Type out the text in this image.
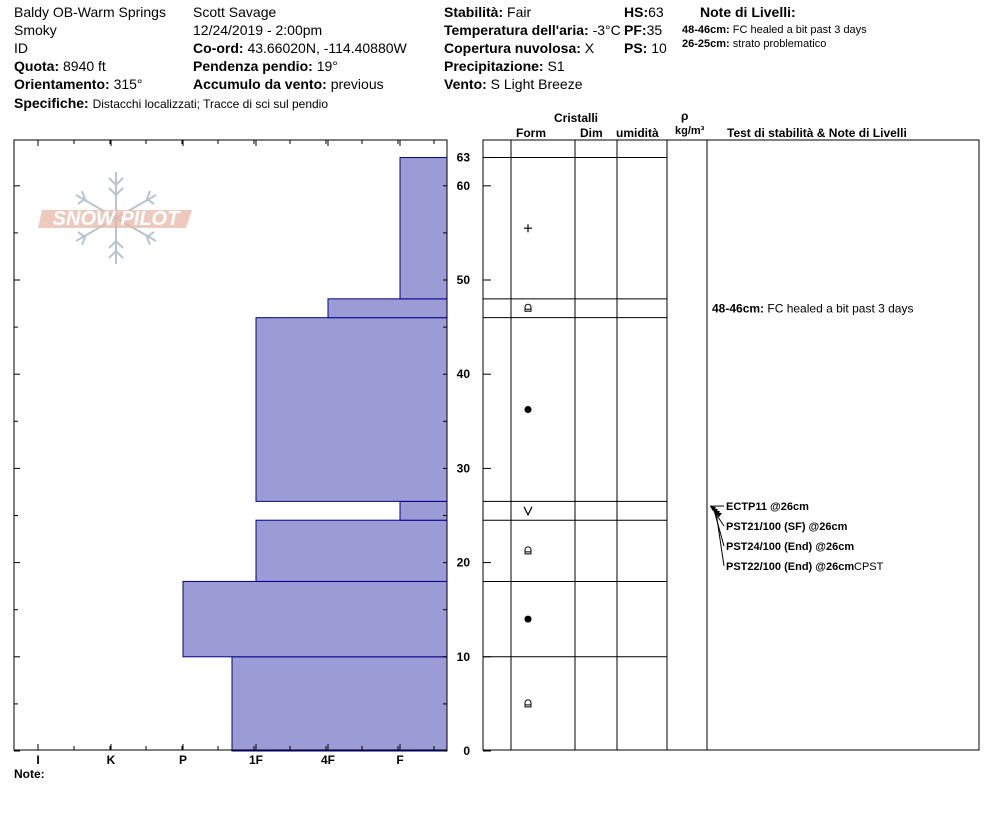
Baldy OB-Warm Springs
Smoky
ID
Quota: 8940 ft
Orientamento: 315°
Specifiche: Distacchi localizzati; Tracce di sci sul pendio
Scott Savage
12/24/2019 - 2:00pm
Co-ord: 43.66020N, -114.40880W
Pendenza pendio: 19°
Accumulo da vento: previous
Stabilità: Fair
Temperatura dell'aria: -3°C
Copertura nuvolosa: X
Precipitazione: S1
Vento: S Light Breeze
HS:63
PF:35
PS: 10
Note di Livelli:
48-46cm: FC healed a bit past 3 days
26-25cm: strato problematico
Cristalli
Form	Dim umidità
ρ
kg/m³ Test di stabilità & Note di Livelli
Note:
SNOW PILOT
0
10
20
30
40
50
60
63
I	K	P	1F	4F	F
48-46cm: FC healed a bit past 3 days
ECTP11 @26cm
PST21/100 (SF) @26cm
PST24/100 (End) @26cm
PST22/100 (End) @26cm CPST
